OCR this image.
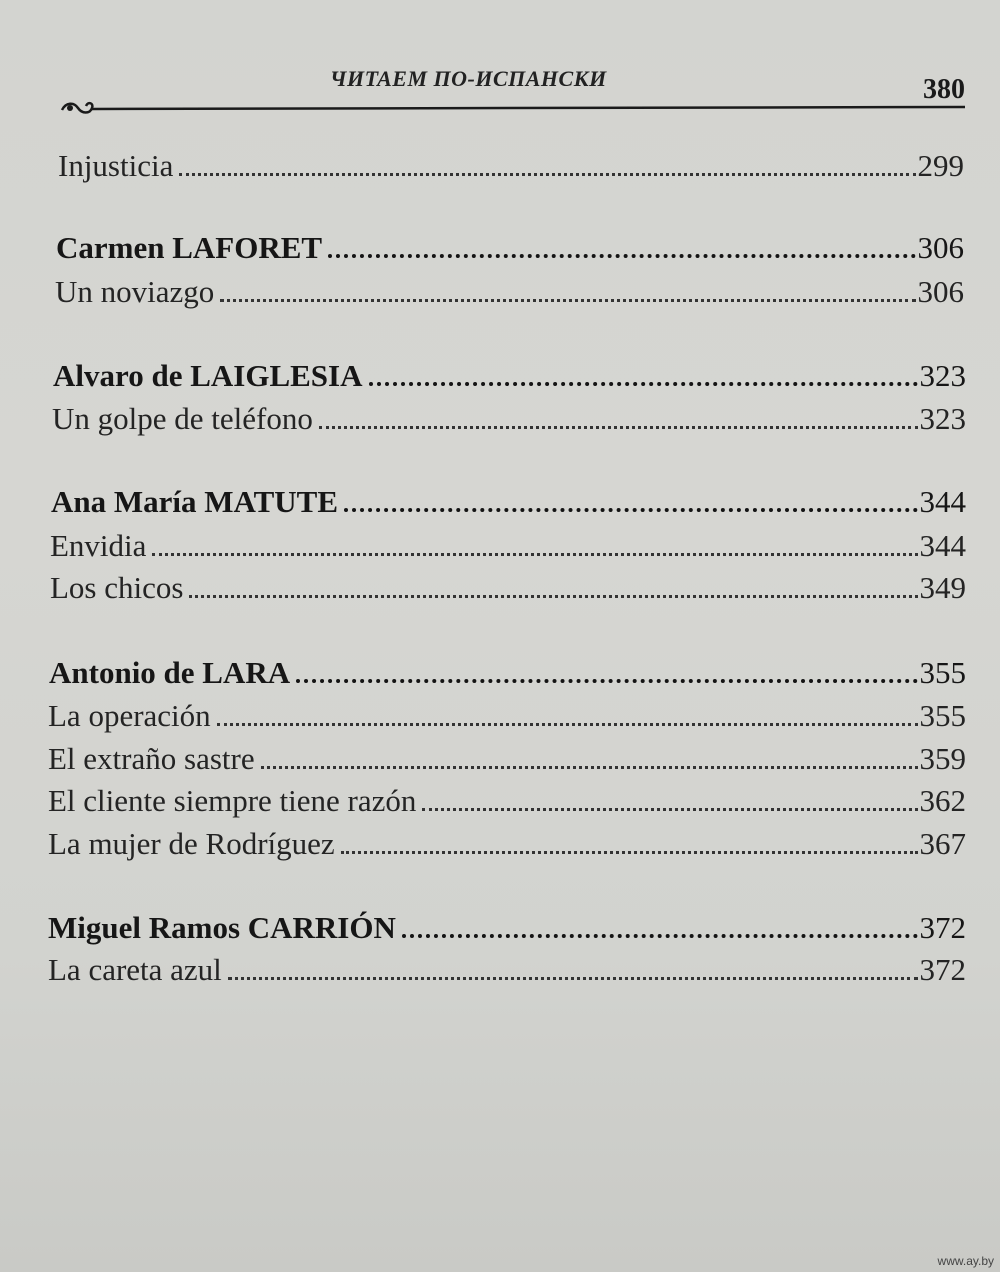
ЧИТАЕМ ПО-ИСПАНСКИ	380
Injusticia	299
Carmen LAFORET	306
Un noviazgo	306
Alvaro de LAIGLESIA	323
Un golpe de teléfono	323
Ana María MATUTE	344
Envidia	344
Los chicos	349
Antonio de LARA	355
La operación	355
El extraño sastre	359
El cliente siempre tiene razón	362
La mujer de Rodríguez	367
Miguel Ramos CARRIÓN	372
La careta azul	372
www.ay.by
